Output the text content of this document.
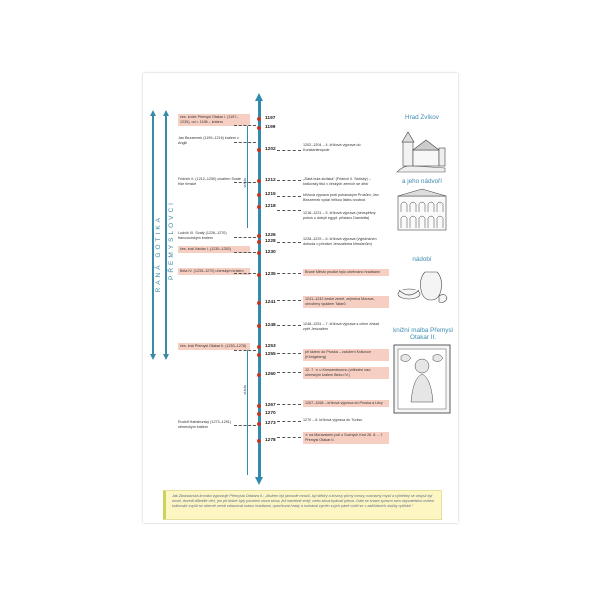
PŘEMYSLOVCI
RANÁ GOTIKA
vláda
vláda
1197
1199
1202
1212
1215
1218
1226
1228
1230
1235
1241
1248
1253
1255
1260
1267
1270
1273
1278
čes. kníže Přemysl Otakar I. (1197–1230), od r. 1198 – králem
Jan Bezzemek (1199–1216) králem v Anglii
Fridrich II. (1212–1250) císařem Svaté říše římské
Ludvík IX. Svatý (1226–1270) francouzským králem
čes. král Václav I. (1230–1253)
Bela IV. (1235–1270) uherským králem
čes. král Přemysl Otakar II. (1253–1278)
Rudolf Habsburský (1273–1291) německým králem
1202–1204 – 4. křížová výprava do Konstantinopole
„Zlatá bula sicilská“ (Fridrich II. Sicilský) – královský titul v českých zemích se dědí
křížová výprava proti pohanským Prusům; Jan Bezzemek vydal Velkou listinu svobod
1218–1221 – 5. křížová výprava (neúspěšný pokus o dobytí egypt. přístavu Damietta)
1228–1229 – 6. křížová výprava (vyjednáním dohoda o předání Jeruzaléma křesťanům)
Brané Město prudké bylo obehnáno hradbami
1241–1242 české země, zejména Morava, ohroženy vpádem Tatarů
1248–1251 – 7. křížová výprava s cílem získat zpět Jeruzalém
při tažení do Pruska – založení Královce (Königsberg)
12. 7. ✕ u Kressenbrunnu (vítězství nad uherským králem Belou IV.)
1267–1268 – křížová výprava do Pruska a Litvy
1270 – 8. křížová výprava do Tunisu
✕ na Moravském poli u Suchých Krut 26. 8. – † Přemysl Otakar II.
Hrad Zvíkov
a jeho nádvoří
nádobí
knižní malba Přemysl Otakar II.
Jak Zbraslavská kronika vypravuje Přemysla Otakara II.: „Mužem byl jarosrdé mravů, byl štědrý a kovový přímý mravy, rozmarný myslí a výhledný se úmyslí byl nosel, dovedl důležité věci, jen při dobré byly povoleni ulova slova, jež hanebně znějí, nebo slova trpkosti přinos. Dále se snaze správní sem obyvatelstvo ovšem královské zvyšit se obecně země zdrazovat mámo hradbami, opevňovat hrady a rozkázal vyměn svých páně cvičit se v zaůčebních služby rytířské.“
